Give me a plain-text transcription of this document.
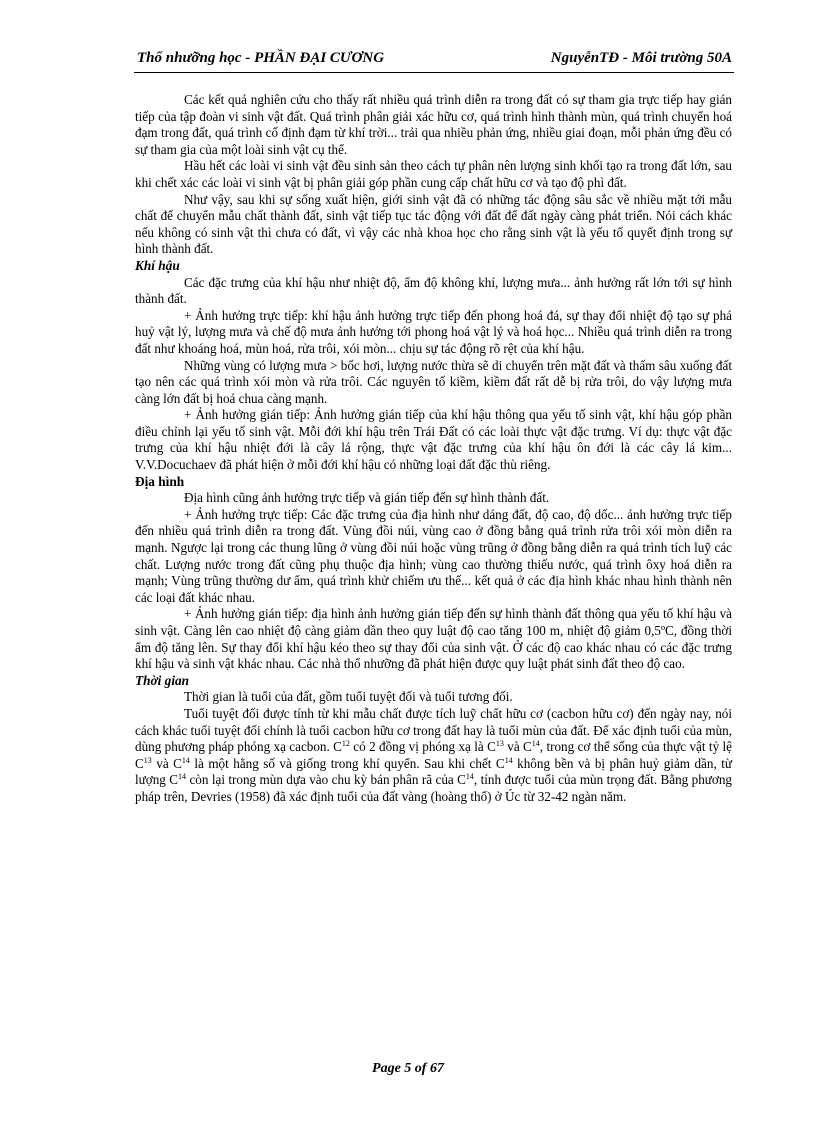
Thổ nhưỡng học - PHẦN ĐẠI CƯƠNG	NguyễnTĐ - Môi trường 50A

Các kết quả nghiên cứu cho thấy rất nhiều quá trình diễn ra trong đất có sự tham gia trực tiếp hay gián tiếp của tập đoàn vi sinh vật đất. Quá trình phân giải xác hữu cơ, quá trình hình thành mùn, quá trình chuyển hoá đạm trong đất, quá trình cố định đạm từ khí trời... trải qua nhiều phản ứng, nhiều giai đoạn, mỗi phản ứng đều có sự tham gia của một loài sinh vật cụ thể.

Hầu hết các loài vi sinh vật đều sinh sản theo cách tự phân nên lượng sinh khối tạo ra trong đất lớn, sau khi chết xác các loài vi sinh vật bị phân giải góp phần cung cấp chất hữu cơ và tạo độ phì đất.

Như vậy, sau khi sự sống xuất hiện, giới sinh vật đã có những tác động sâu sắc về nhiều mặt tới mẫu chất để chuyển mẫu chất thành đất, sinh vật tiếp tục tác động với đất để đất ngày càng phát triển. Nói cách khác nếu không có sinh vật thì chưa có đất, vì vậy các nhà khoa học cho rằng sinh vật là yếu tố quyết định trong sự hình thành đất.

Khí hậu

Các đặc trưng của khí hậu như nhiệt độ, ẩm độ không khí, lượng mưa... ảnh hưởng rất lớn tới sự hình thành đất.

+ Ảnh hưởng trực tiếp: khí hậu ảnh hưởng trực tiếp đến phong hoá đá, sự thay đổi nhiệt độ tạo sự phá huỷ vật lý, lượng mưa và chế độ mưa ảnh hưởng tới phong hoá vật lý và hoá học... Nhiều quá trình diễn ra trong đất như khoáng hoá, mùn hoá, rửa trôi, xói mòn... chịu sự tác động rõ rệt của khí hậu.

Những vùng có lượng mưa > bốc hơi, lượng nước thừa sẽ di chuyển trên mặt đất và thấm sâu xuống đất tạo nên các quá trình xói mòn và rửa trôi. Các nguyên tố kiềm, kiềm đất rất dễ bị rửa trôi, do vậy lượng mưa càng lớn đất bị hoá chua càng mạnh.

+ Ảnh hưởng gián tiếp: Ảnh hưởng gián tiếp của khí hậu thông qua yếu tố sinh vật, khí hậu góp phần điều chỉnh lại yếu tố sinh vật. Mỗi đới khí hậu trên Trái Đất có các loài thực vật đặc trưng. Ví dụ: thực vật đặc trưng của khí hậu nhiệt đới là cây lá rộng, thực vật đặc trưng của khí hậu ôn đới là các cây lá kim... V.V.Docuchaev đã phát hiện ở mỗi đới khí hậu có những loại đất đặc thù riêng.

Địa hình

Địa hình cũng ảnh hưởng trực tiếp và gián tiếp đến sự hình thành đất.

+ Ảnh hưởng trực tiếp: Các đặc trưng của địa hình như dáng đất, độ cao, độ dốc... ảnh hưởng trực tiếp đến nhiều quá trình diễn ra trong đất. Vùng đồi núi, vùng cao ở đồng bằng quá trình rửa trôi xói mòn diễn ra mạnh. Ngược lại trong các thung lũng ở vùng đồi núi hoặc vùng trũng ở đồng bằng diễn ra quá trình tích luỹ các chất. Lượng nước trong đất cũng phụ thuộc địa hình; vùng cao thường thiếu nước, quá trình ôxy hoá diễn ra mạnh; Vùng trũng thường dư ẩm, quá trình khử chiếm ưu thế... kết quả ở các địa hình khác nhau hình thành nên các loại đất khác nhau.

+ Ảnh hưởng gián tiếp: địa hình ảnh hưởng gián tiếp đến sự hình thành đất thông qua yếu tố khí hậu và sinh vật. Càng lên cao nhiệt độ càng giảm dần theo quy luật độ cao tăng 100 m, nhiệt độ giảm 0,5ºC, đồng thời ẩm độ tăng lên. Sự thay đổi khí hậu kéo theo sự thay đổi của sinh vật. Ở các độ cao khác nhau có các đặc trưng khí hậu và sinh vật khác nhau. Các nhà thổ nhưỡng đã phát hiện được quy luật phát sinh đất theo độ cao.

Thời gian

Thời gian là tuổi của đất, gồm tuổi tuyệt đối và tuổi tương đối.

Tuổi tuyệt đối được tính từ khi mẫu chất được tích luỹ chất hữu cơ (cacbon hữu cơ) đến ngày nay, nói cách khác tuổi tuyệt đối chính là tuổi cacbon hữu cơ trong đất hay là tuổi mùn của đất. Để xác định tuổi của mùn, dùng phương pháp phóng xạ cacbon. $C^{12}$ có 2 đồng vị phóng xạ là $C^{13}$ và $C^{14}$, trong cơ thể sống của thực vật tỷ lệ $C^{13}$ và $C^{14}$ là một hằng số và giống trong khí quyển. Sau khi chết $C^{14}$ không bền và bị phân huỷ giảm dần, từ lượng $C^{14}$ còn lại trong mùn dựa vào chu kỳ bán phân rã của $C^{14}$, tính được tuổi của mùn trọng đất. Bằng phương pháp trên, Devries (1958) đã xác định tuổi của đất vàng (hoàng thổ) ở Úc từ 32-42 ngàn năm.

Page 5 of 67
